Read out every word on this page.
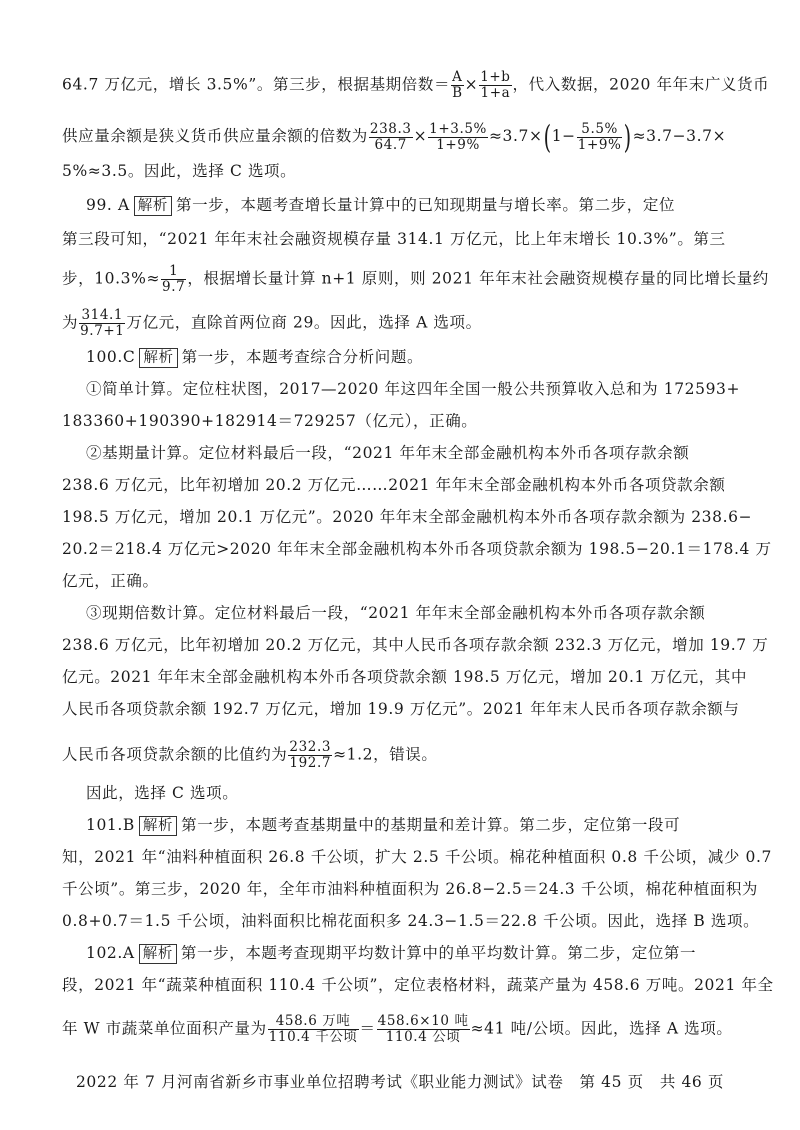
64.7 万亿元，增长 3.5%”。第三步，根据基期倍数＝ $\frac{A}{B} \times \frac{1+b}{1+a}$ ，代入数据，2020 年年末广义货币
供应量余额是狭义货币供应量余额的倍数为 $\frac{238.3}{64.7} \times \frac{1+3.5\%}{1+9\%} \approx 3.7\times(1- \frac{5.5\%}{1+9\%} )\approx 3.7-3.7\times$
5%≈3.5。因此，选择 C 选项。
99. A 解析 第一步，本题考查增长量计算中的已知现期量与增长率。第二步，定位
第三段可知，“2021 年年末社会融资规模存量 314.1 万亿元，比上年末增长 10.3%”。第三
步，$10.3\%\approx \frac{1}{9.7}$ ，根据增长量计算 n+1 原则，则 2021 年年末社会融资规模存量的同比增长量约
为 $\frac{314.1}{9.7+1}$ 万亿元，直除首两位商 29。因此，选择 A 选项。
100.C 解析 第一步，本题考查综合分析问题。
①简单计算。定位柱状图，2017—2020 年这四年全国一般公共预算收入总和为 172593+
183360+190390+182914＝729257（亿元），正确。
②基期量计算。定位材料最后一段，“2021 年年末全部金融机构本外币各项存款余额
238.6 万亿元，比年初增加 20.2 万亿元……2021 年年末全部金融机构本外币各项贷款余额
198.5 万亿元，增加 20.1 万亿元”。2020 年年末全部金融机构本外币各项存款余额为 238.6−
20.2＝218.4 万亿元>2020 年年末全部金融机构本外币各项贷款余额为 198.5−20.1＝178.4 万
亿元，正确。
③现期倍数计算。定位材料最后一段，“2021 年年末全部金融机构本外币各项存款余额
238.6 万亿元，比年初增加 20.2 万亿元，其中人民币各项存款余额 232.3 万亿元，增加 19.7 万
亿元。2021 年年末全部金融机构本外币各项贷款余额 198.5 万亿元，增加 20.1 万亿元，其中
人民币各项贷款余额 192.7 万亿元，增加 19.9 万亿元”。2021 年年末人民币各项存款余额与
人民币各项贷款余额的比值约为 $\frac{232.3}{192.7} \approx 1.2$，错误。
因此，选择 C 选项。
101.B 解析 第一步，本题考查基期量中的基期量和差计算。第二步，定位第一段可
知，2021 年“油料种植面积 26.8 千公顷，扩大 2.5 千公顷。棉花种植面积 0.8 千公顷，减少 0.7
千公顷”。第三步，2020 年，全年市油料种植面积为 26.8−2.5＝24.3 千公顷，棉花种植面积为
0.8+0.7＝1.5 千公顷，油料面积比棉花面积多 24.3−1.5＝22.8 千公顷。因此，选择 B 选项。
102.A 解析 第一步，本题考查现期平均数计算中的单平均数计算。第二步，定位第一
段，2021 年“蔬菜种植面积 110.4 千公顷”，定位表格材料，蔬菜产量为 458.6 万吨。2021 年全
年 W 市蔬菜单位面积产量为 $\frac{\text{458.6 万吨}}{\text{110.4 千公顷}} = \frac{\text{458.6×10 吨}}{\text{110.4 公顷}} \approx 41$ 吨/公顷。因此，选择 A 选项。
2022 年 7 月河南省新乡市事业单位招聘考试《职业能力测试》试卷　第 45 页　共 46 页
